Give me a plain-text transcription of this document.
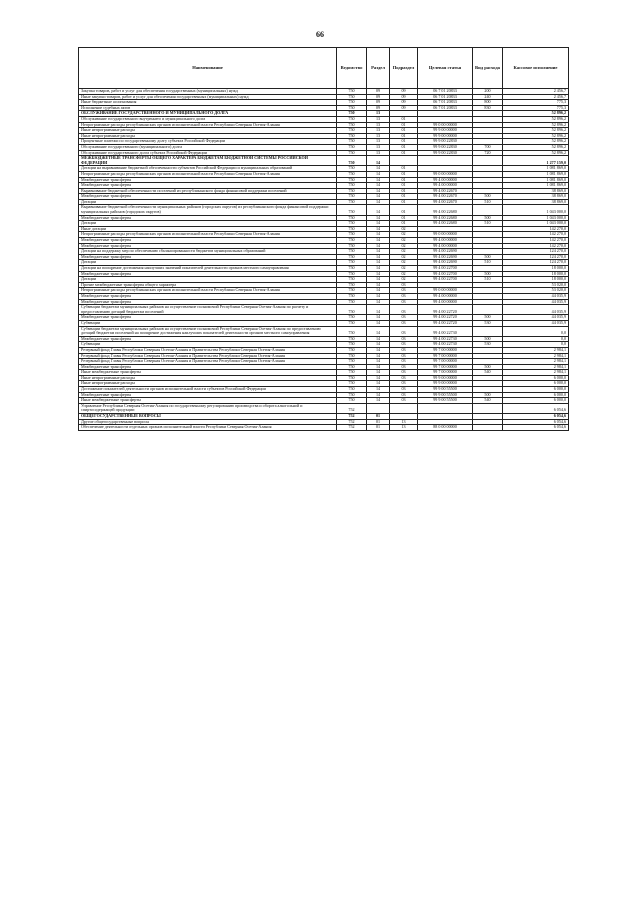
66
Наименование	Ведомство	Раздел	Подраздел	Целевая статья	Вид расхода	Кассовое исполнение
Закупка товаров, работ и услуг для обеспечения государственных (муниципальных) нужд	750	09	09	06 7 01 20833	200	2 456,7
Иные закупки товаров, работ и услуг для обеспечения государственных (муниципальных) нужд	750	09	09	06 7 01 20833	240	2 456,7
Иные бюджетные ассигнования	750	09	09	06 7 01 20833	800	775,3
Исполнение судебных актов	750	09	09	06 7 01 20833	830	775,3
ОБСЛУЖИВАНИЕ ГОСУДАРСТВЕННОГО И МУНИЦИПАЛЬНОГО ДОЛГА	750	13				52 896,2
Обслуживание государственного внутреннего и муниципального долга	750	13	01			52 896,2
Непрограммные расходы республиканских органов исполнительной власти Республики Северная Осетия-Алания	750	13	01	99 0 00 00000		52 896,2
Иные непрограммные расходы	750	13	01	99 9 00 00000		52 896,2
Иные непрограммные расходы	750	13	01	99 9 00 00000		52 896,2
Процентные платежи по государственному долгу субъекта Российской Федерации	750	13	01	99 9 00 22830		52 896,2
Обслуживание государственного (муниципального) долга	750	13	01	99 9 00 22830	700	52 896,2
Обслуживание государственного долга субъекта Российской Федерации	750	13	01	99 9 00 22830	720	52 896,2
МЕЖБЮДЖЕТНЫЕ ТРАНСФЕРТЫ ОБЩЕГО ХАРАКТЕРА БЮДЖЕТАМ БЮДЖЕТНОЙ СИСТЕМЫ РОССИЙСКОЙ ФЕДЕРАЦИИ	750	14				1 277 159,0
Дотации на выравнивание бюджетной обеспеченности субъектов Российской Федерации и муниципальных образований	750	14	01			1 081 869,0
Непрограммные расходы республиканских органов исполнительной власти Республики Северная Осетия-Алания	750	14	01	99 0 00 00000		1 081 869,0
Межбюджетные трансферты	750	14	01	99 4 00 00000		1 081 869,0
Межбюджетные трансферты	750	14	01	99 4 00 00000		1 081 869,0
Выравнивание бюджетной обеспеченности поселений из республиканского фонда финансовой поддержки поселений	750	14	01	99 4 00 22670		38 869,0
Межбюджетные трансферты	750	14	01	99 4 00 22670	500	38 869,0
Дотации	750	14	01	99 4 00 22670	510	38 869,0
Выравнивание бюджетной обеспеченности муниципальных районов (городских округов) из республиканского фонда финансовой поддержки муниципальных районов (городских округов)	750	14	01	99 4 00 22680		1 043 000,0
Межбюджетные трансферты	750	14	01	99 4 00 22680	500	1 043 000,0
Дотации	750	14	01	99 4 00 22680	510	1 043 000,0
Иные дотации	750	14	02			142 270,0
Непрограммные расходы республиканских органов исполнительной власти Республики Северная Осетия-Алания	750	14	02	99 0 00 00000		142 270,0
Межбюджетные трансферты	750	14	02	99 4 00 00000		142 270,0
Межбюджетные трансферты	750	14	02	99 4 00 00000		142 270,0
Дотации на поддержку мер по обеспечению сбалансированности бюджетов муниципальных образований	750	14	02	99 4 00 22690		124 270,0
Межбюджетные трансферты	750	14	02	99 4 00 22690	500	124 270,0
Дотации	750	14	02	99 4 00 22690	510	124 270,0
Дотации на поощрение достижения наилучших значений показателей деятельности органов местного самоуправления	750	14	02	99 4 00 22700		18 000,0
Межбюджетные трансферты	750	14	02	99 4 00 22700	500	18 000,0
Дотации	750	14	02	99 4 00 22700	510	18 000,0
Прочие межбюджетные трансферты общего характера	750	14	03			53 020,0
Непрограммные расходы республиканских органов исполнительной власти Республики Северная Осетия-Алания	750	14	03	99 0 00 00000		53 020,0
Межбюджетные трансферты	750	14	03	99 4 00 00000		44 035,9
Межбюджетные трансферты	750	14	03	99 4 00 00000		44 035,9
Субвенции бюджетам муниципальных районов на осуществление полномочий Республики Северная Осетия-Алания по расчету и предоставлению дотаций бюджетам поселений	750	14	03	99 4 00 22720		44 035,9
Межбюджетные трансферты	750	14	03	99 4 00 22720	500	44 035,9
Субвенции	750	14	03	99 4 00 22720	530	44 035,9
Субвенции бюджетам муниципальных районов на осуществление полномочий Республики Северная Осетия-Алания по предоставлению дотаций бюджетам поселений на поощрение достижения наилучших показателей деятельности органов местного самоуправления	750	14	03	99 4 00 22730		0,0
Межбюджетные трансферты	750	14	03	99 4 00 22730	500	0,0
Субвенции	750	14	03	99 4 00 22730	530	0,0
Резервный фонд Главы Республики Северная Осетия-Алания и Правительства Республики Северная Осетия-Алания	750	14	03	99 7 00 00000		2 984,1
Резервный фонд Главы Республики Северная Осетия-Алания и Правительства Республики Северная Осетия-Алания	750	14	03	99 7 00 00000		2 984,1
Резервный фонд Главы Республики Северная Осетия-Алания и Правительства Республики Северная Осетия-Алания	750	14	03	99 7 00 00000		2 984,1
Межбюджетные трансферты	750	14	03	99 7 00 00000	500	2 984,1
Иные межбюджетные трансферты	750	14	03	99 7 00 00000	540	2 984,1
Иные непрограммные расходы	750	14	03	99 9 00 00000		6 000,0
Иные непрограммные расходы	750	14	03	99 9 00 00000		6 000,0
Достижение показателей деятельности органов исполнительной власти субъектов Российской Федерации	750	14	03	99 9 00 55500		6 000,0
Межбюджетные трансферты	750	14	03	99 9 00 55500	500	6 000,0
Иные межбюджетные трансферты	750	14	03	99 9 00 55500	540	6 000,0
Управление Республики Северная Осетия-Алания по государственному регулированию производства и оборота алкогольной и спиртосодержащей продукции	752					6 054,6
ОБЩЕГОСУДАРСТВЕННЫЕ ВОПРОСЫ	752	01				6 054,6
Другие общегосударственные вопросы	752	01	13			6 054,6
Обеспечение деятельности отдельных органов исполнительной власти Республики Северная Осетия-Алания	752	01	13	88 0 00 00000		6 054,6
